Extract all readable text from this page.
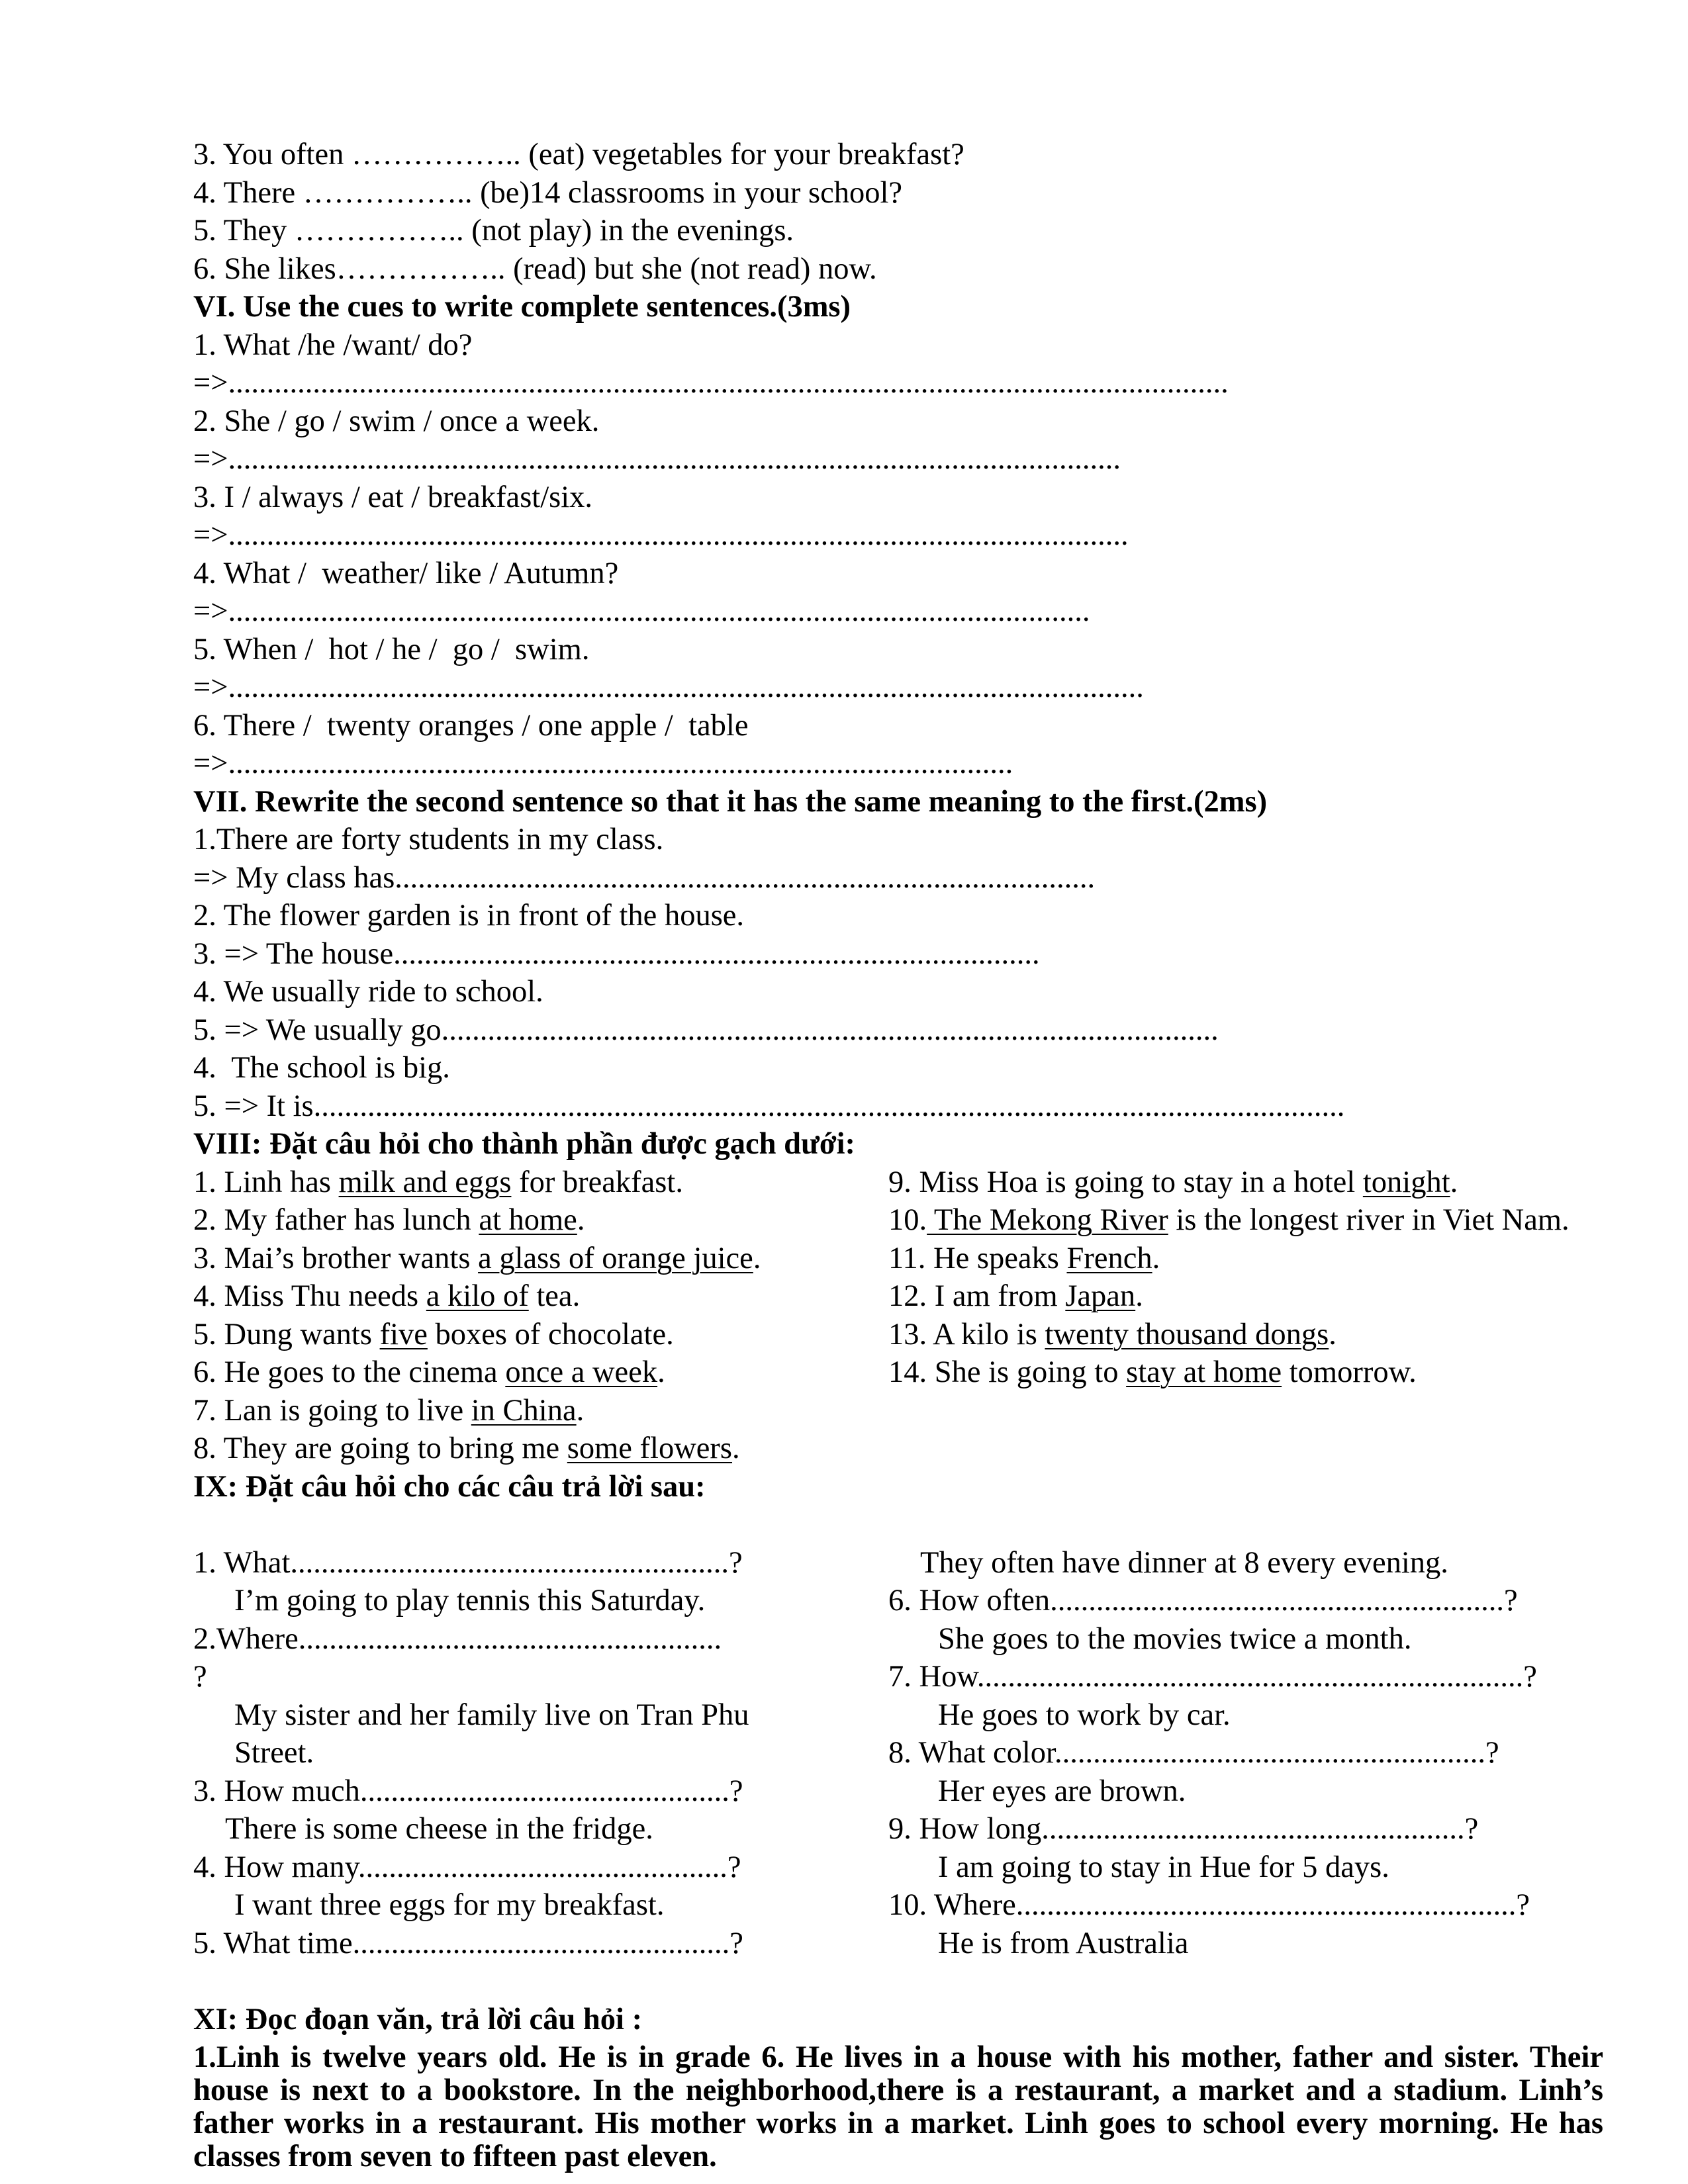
3. You often …………….. (eat) vegetables for your breakfast?
4. There …………….. (be)14 classrooms in your school?
5. They …………….. (not play) in the evenings.
6. She likes…………….. (read) but she (not read) now.
VI. Use the cues to write complete sentences.(3ms)
1. What /he /want/ do?
=>..................................................................................................................................
2. She / go / swim / once a week.
=>....................................................................................................................
3. I / always / eat / breakfast/six.
=>.....................................................................................................................
4. What /  weather/ like / Autumn?
=>................................................................................................................
5. When /  hot / he /  go /  swim.
=>.......................................................................................................................
6. There /  twenty oranges / one apple /  table
=>......................................................................................................
VII. Rewrite the second sentence so that it has the same meaning to the first.(2ms)
1.There are forty students in my class.
=> My class has...........................................................................................
2. The flower garden is in front of the house.
3. => The house....................................................................................
4. We usually ride to school.
5. => We usually go.....................................................................................................
4.  The school is big.
5. => It is......................................................................................................................................
VIII: Đặt câu hỏi cho thành phần được gạch dưới:
1. Linh has milk and eggs for breakfast.
2. My father has lunch at home.
3. Mai’s brother wants a glass of orange juice.
4. Miss Thu needs a kilo of tea.
5. Dung wants five boxes of chocolate.
6. He goes to the cinema once a week.
7. Lan is going to live in China.
8. They are going to bring me some flowers.
9. Miss Hoa is going to stay in a hotel tonight.
10. The Mekong River is the longest river in Viet Nam.
11. He speaks French.
12. I am from Japan.
13. A kilo is twenty thousand dongs.
14. She is going to stay at home tomorrow.
IX: Đặt câu hỏi cho các câu trả lời sau:
1. What.........................................................?
I’m going to play tennis this Saturday.
2.Where.......................................................
?
My sister and her family live on Tran Phu Street.
3. How much................................................?
There is some cheese in the fridge.
4. How many................................................?
I want three eggs for my breakfast.
5. What time.................................................?
They often have dinner at 8 every evening.
6. How often...........................................................?
She goes to the movies twice a month.
7. How.......................................................................?
He goes to work by car.
8. What color........................................................?
Her eyes are brown.
9. How long.......................................................?
I am going to stay in Hue for 5 days.
10. Where.................................................................?
He is from Australia
XI: Đọc đoạn văn, trả lời câu hỏi :
1.Linh is twelve years old. He is in grade 6. He lives in a house with his mother, father and sister. Their house is next to a bookstore. In the neighborhood,there is a restaurant, a market and a stadium. Linh’s father works in a restaurant. His mother works in a market. Linh goes to school every morning. He has classes from seven to fifteen past eleven.
